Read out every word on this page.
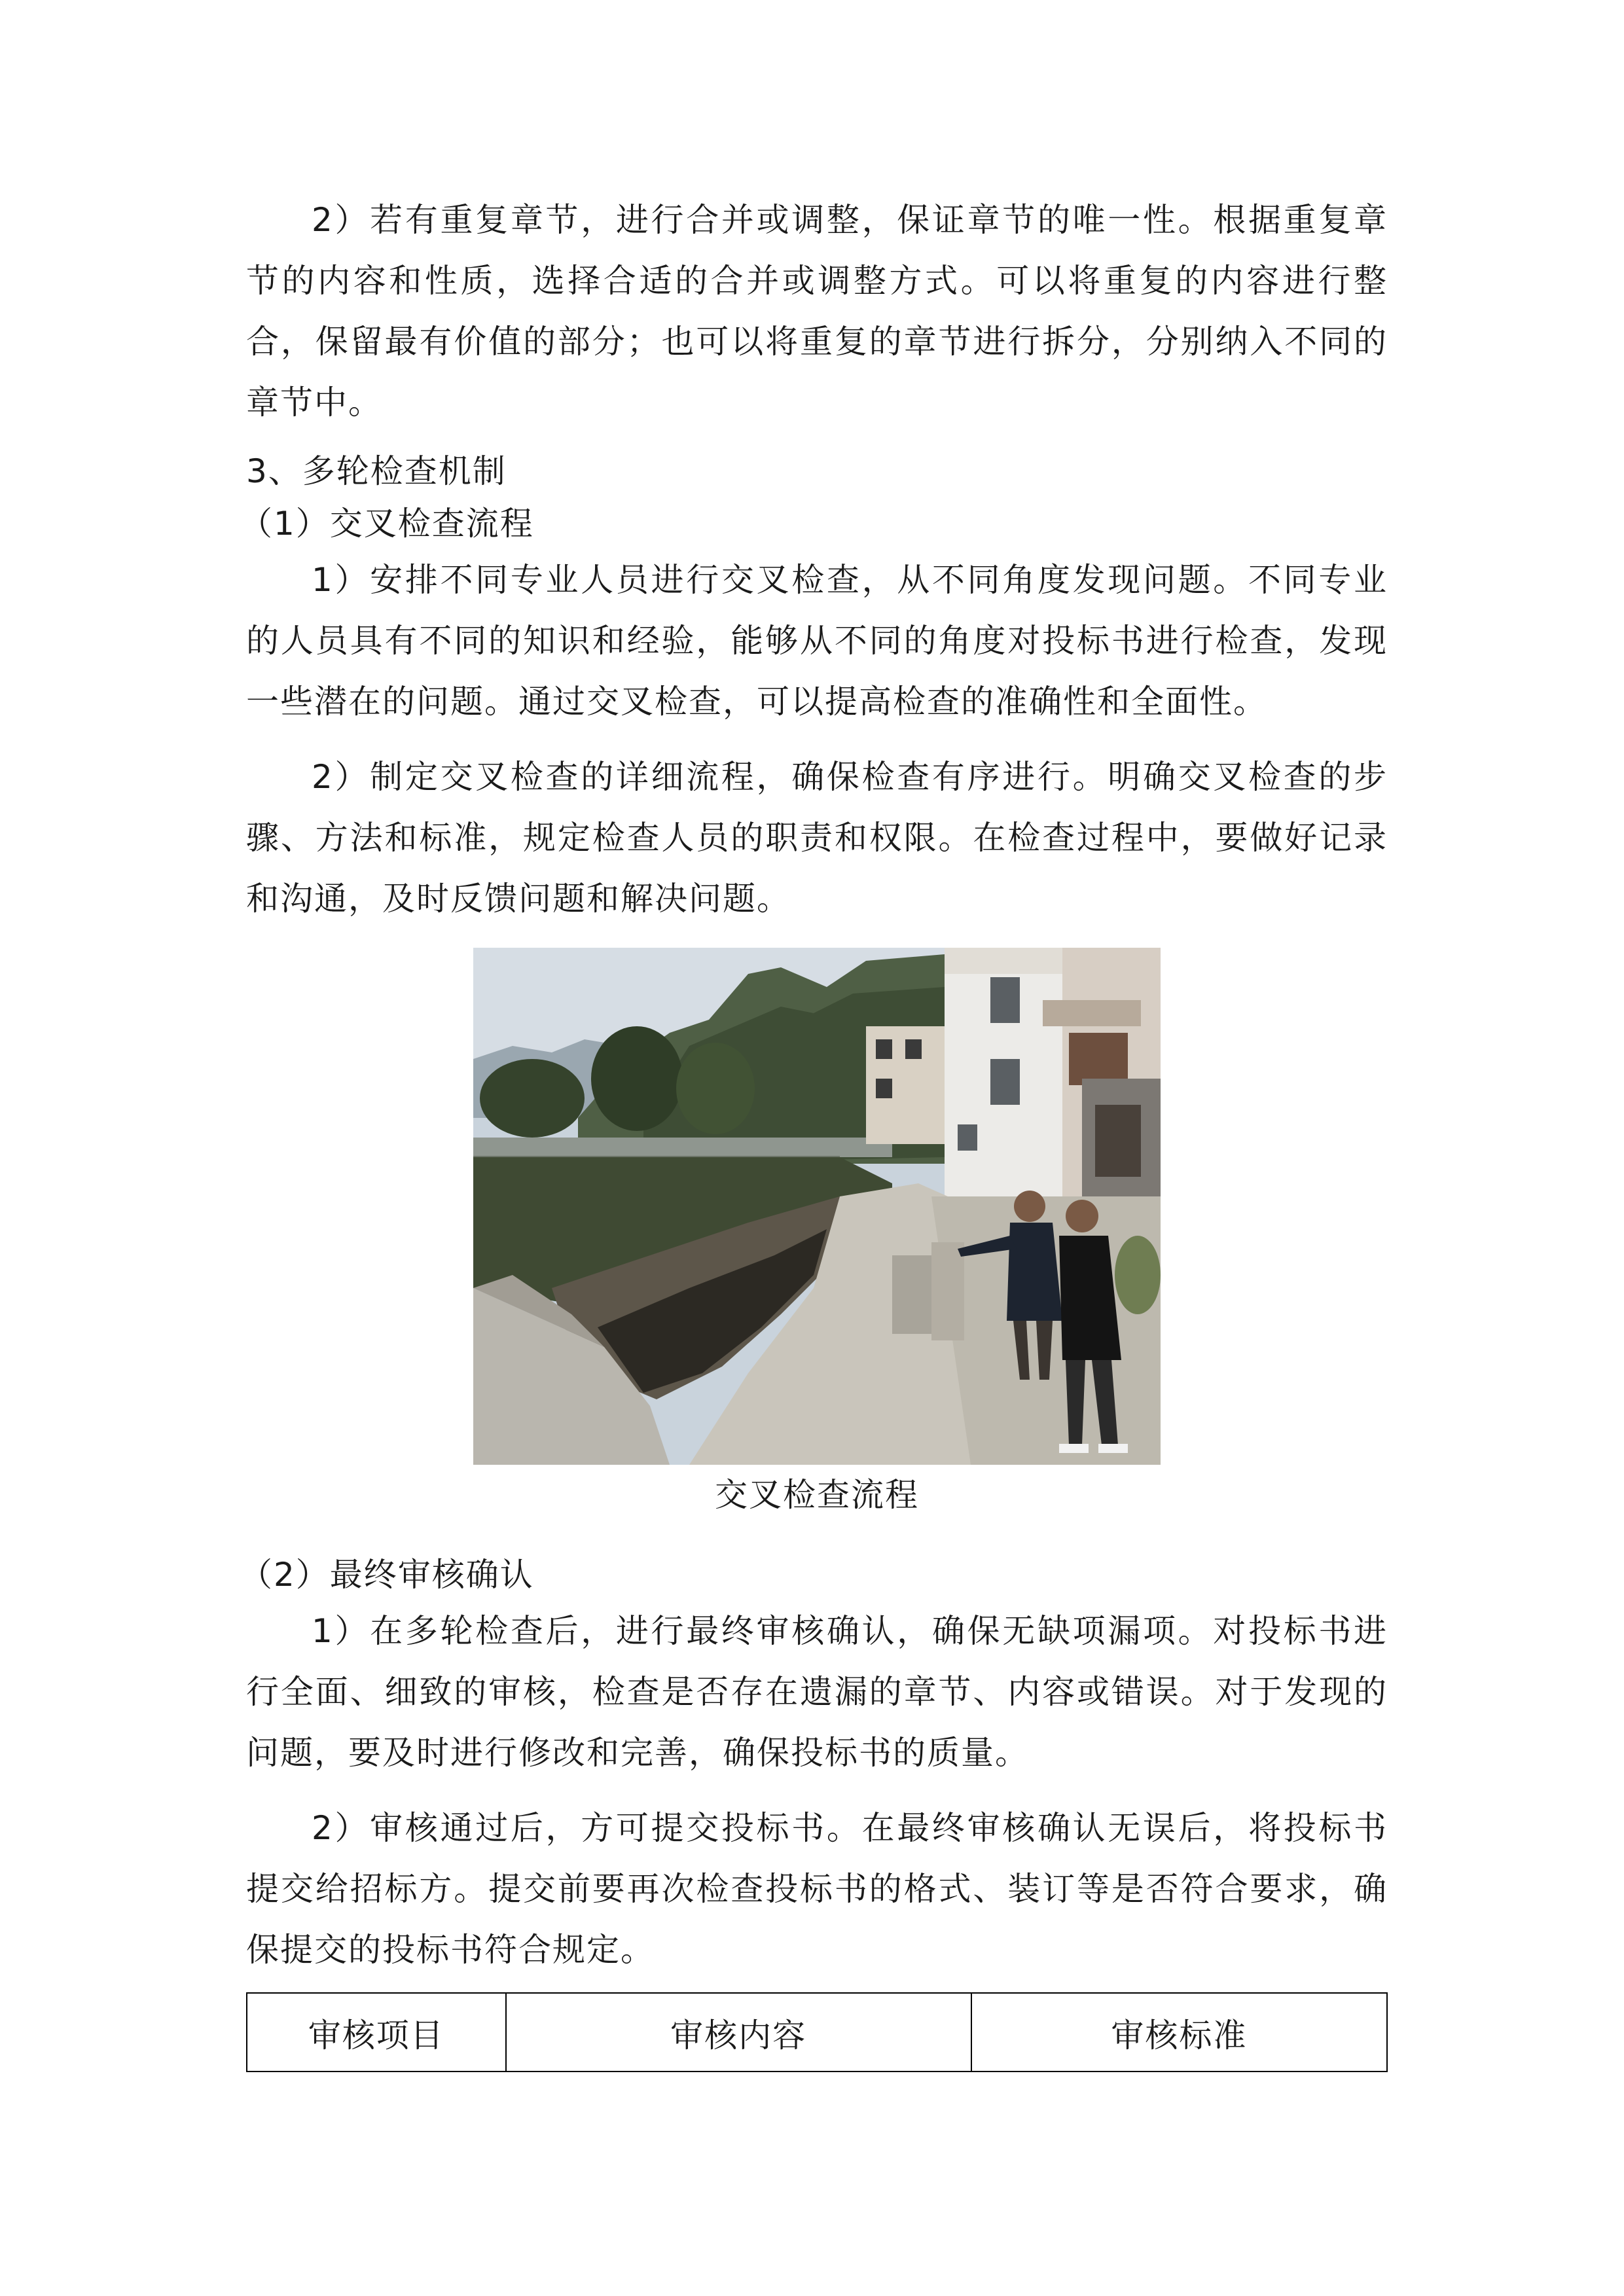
2）若有重复章节，进行合并或调整，保证章节的唯一性。根据重复章节的内容和性质，选择合适的合并或调整方式。可以将重复的内容进行整合，保留最有价值的部分；也可以将重复的章节进行拆分，分别纳入不同的章节中。

3、多轮检查机制

（1）交叉检查流程

1）安排不同专业人员进行交叉检查，从不同角度发现问题。不同专业的人员具有不同的知识和经验，能够从不同的角度对投标书进行检查，发现一些潜在的问题。通过交叉检查，可以提高检查的准确性和全面性。

2）制定交叉检查的详细流程，确保检查有序进行。明确交叉检查的步骤、方法和标准，规定检查人员的职责和权限。在检查过程中，要做好记录和沟通，及时反馈问题和解决问题。

交叉检查流程

（2）最终审核确认

1）在多轮检查后，进行最终审核确认，确保无缺项漏项。对投标书进行全面、细致的审核，检查是否存在遗漏的章节、内容或错误。对于发现的问题，要及时进行修改和完善，确保投标书的质量。

2）审核通过后，方可提交投标书。在最终审核确认无误后，将投标书提交给招标方。提交前要再次检查投标书的格式、装订等是否符合要求，确保提交的投标书符合规定。

审核项目	审核内容	审核标准
